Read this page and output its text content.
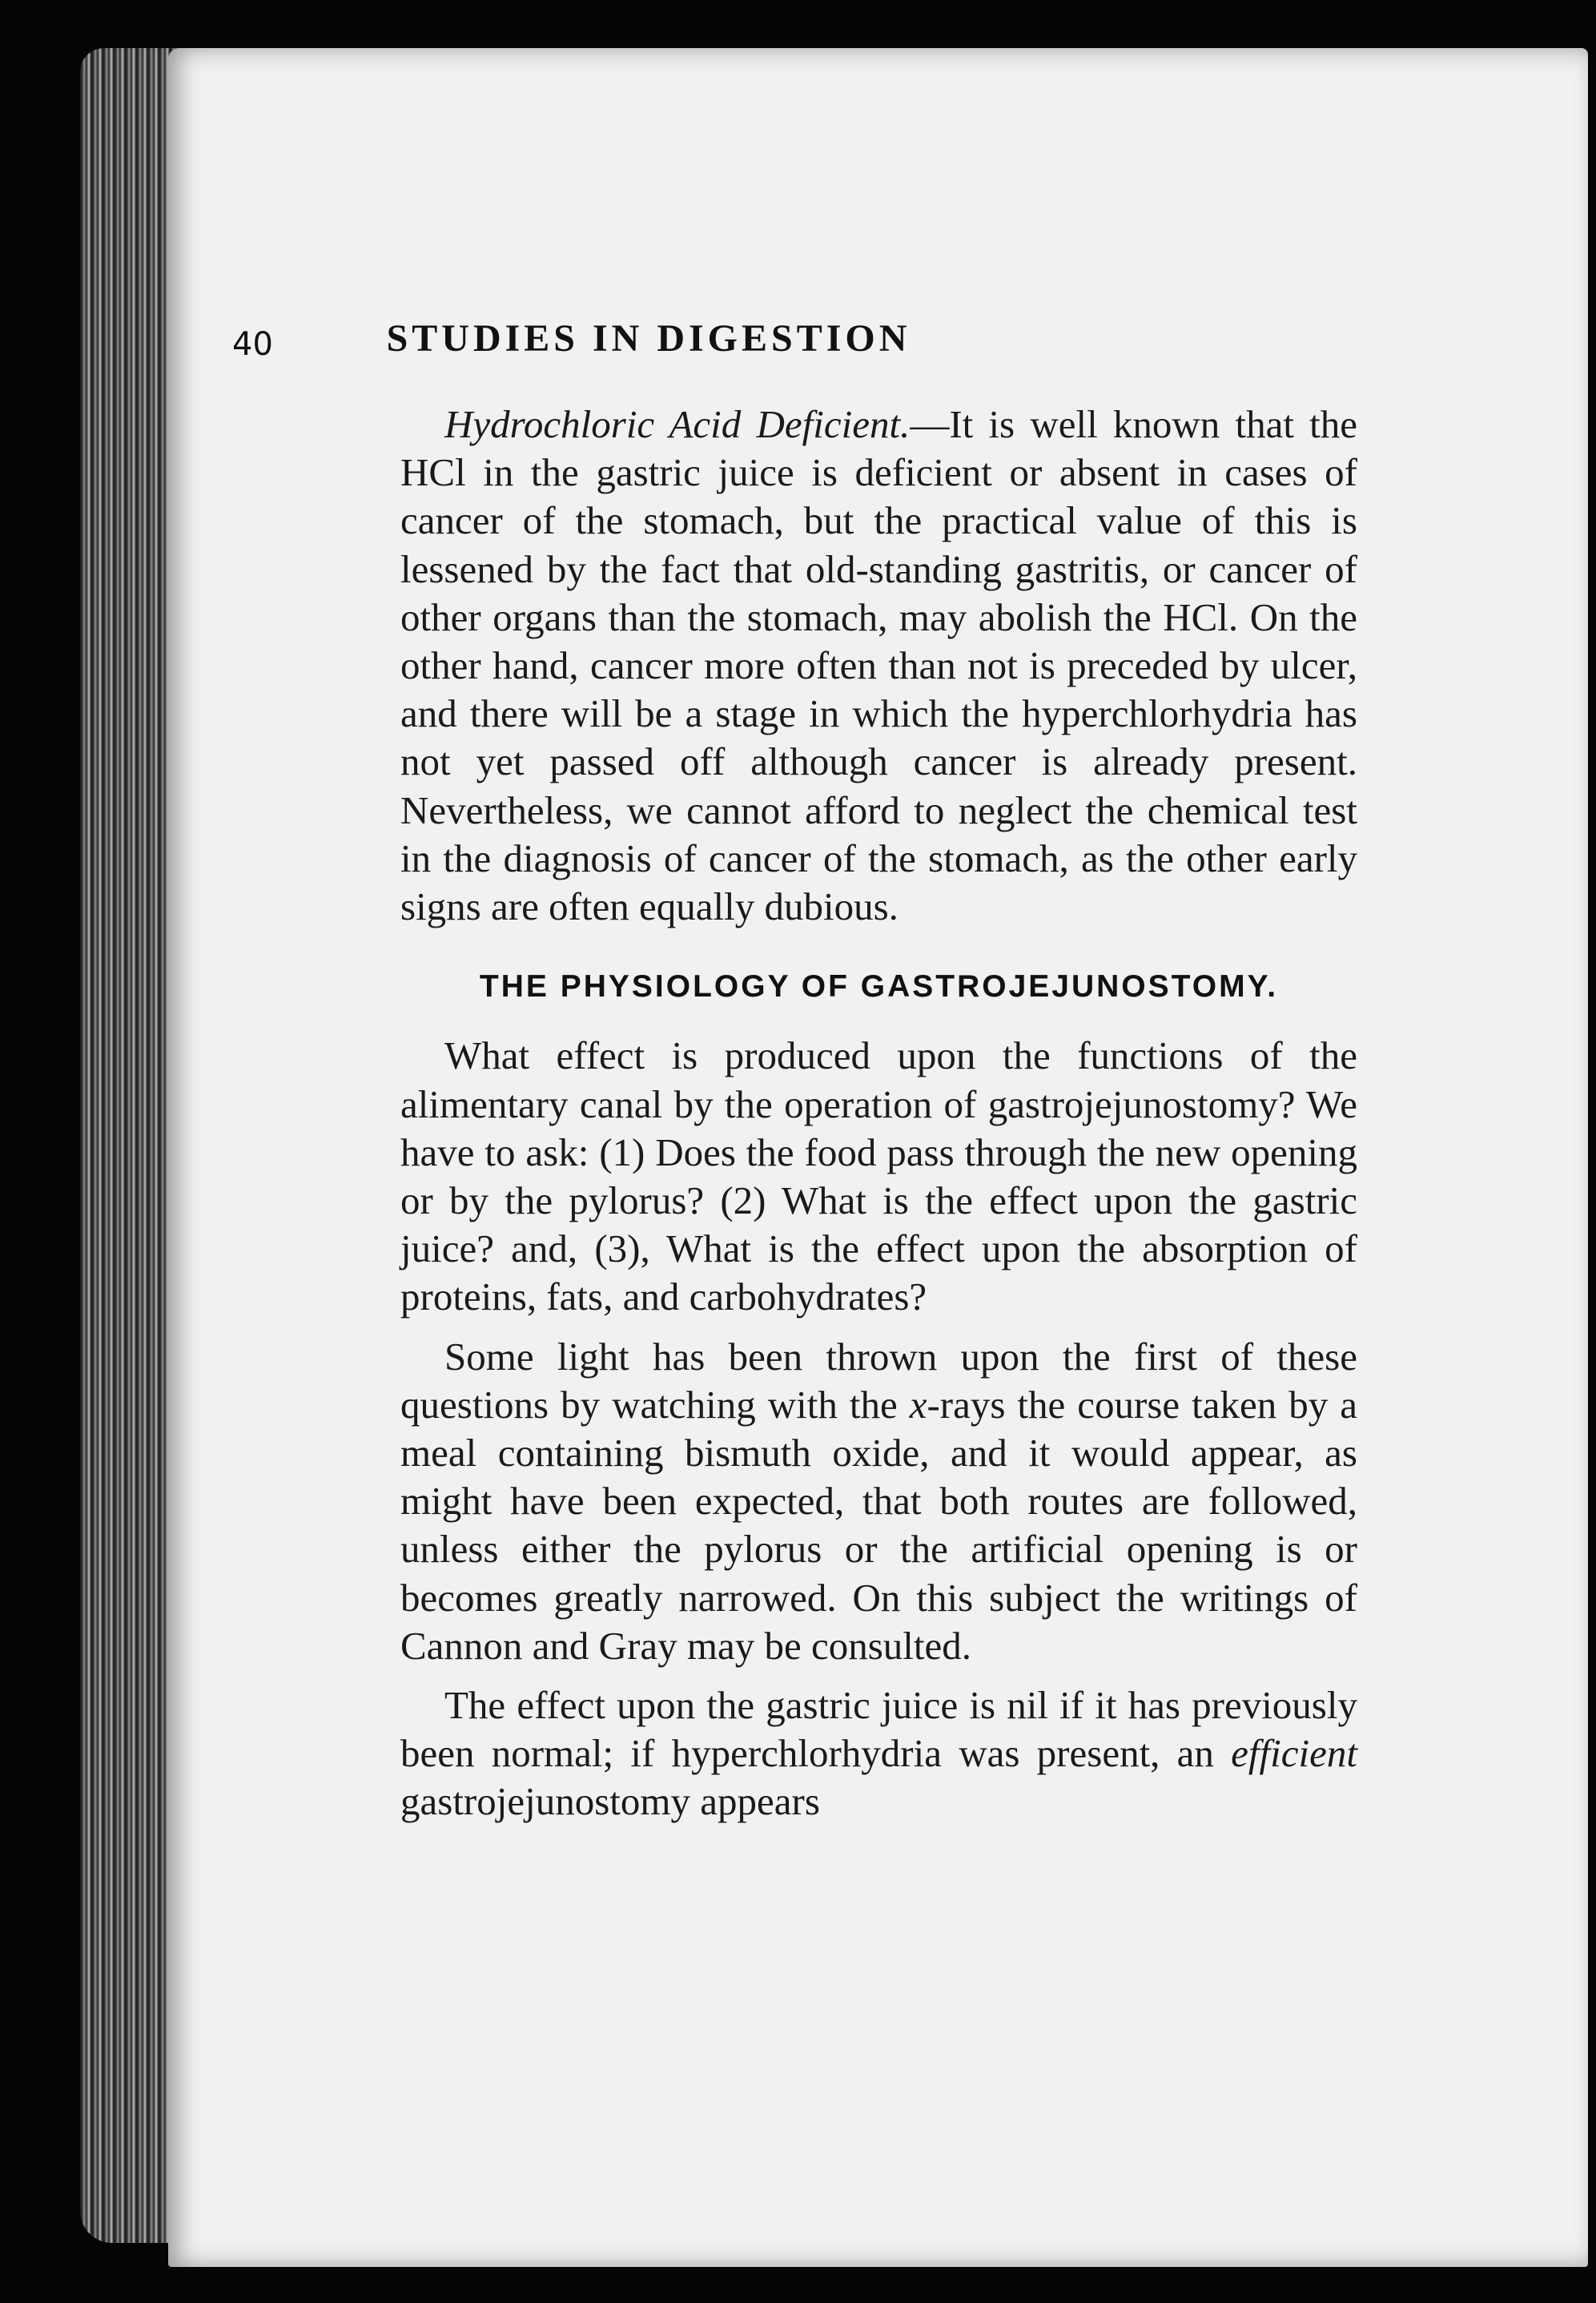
40	STUDIES IN DIGESTION

Hydrochloric Acid Deficient.—It is well known that the HCl in the gastric juice is deficient or absent in cases of cancer of the stomach, but the practical value of this is lessened by the fact that old-standing gastritis, or cancer of other organs than the stomach, may abolish the HCl. On the other hand, cancer more often than not is preceded by ulcer, and there will be a stage in which the hyperchlorhydria has not yet passed off although cancer is already present. Nevertheless, we cannot afford to neglect the chemical test in the diagnosis of cancer of the stomach, as the other early signs are often equally dubious.

THE PHYSIOLOGY OF GASTROJEJUNOSTOMY.

What effect is produced upon the functions of the alimentary canal by the operation of gastrojejunostomy? We have to ask: (1) Does the food pass through the new opening or by the pylorus? (2) What is the effect upon the gastric juice? and, (3), What is the effect upon the absorption of proteins, fats, and carbohydrates?

Some light has been thrown upon the first of these questions by watching with the x-rays the course taken by a meal containing bismuth oxide, and it would appear, as might have been expected, that both routes are followed, unless either the pylorus or the artificial opening is or becomes greatly narrowed. On this subject the writings of Cannon and Gray may be consulted.

The effect upon the gastric juice is nil if it has previously been normal; if hyperchlorhydria was present, an efficient gastrojejunostomy appears
